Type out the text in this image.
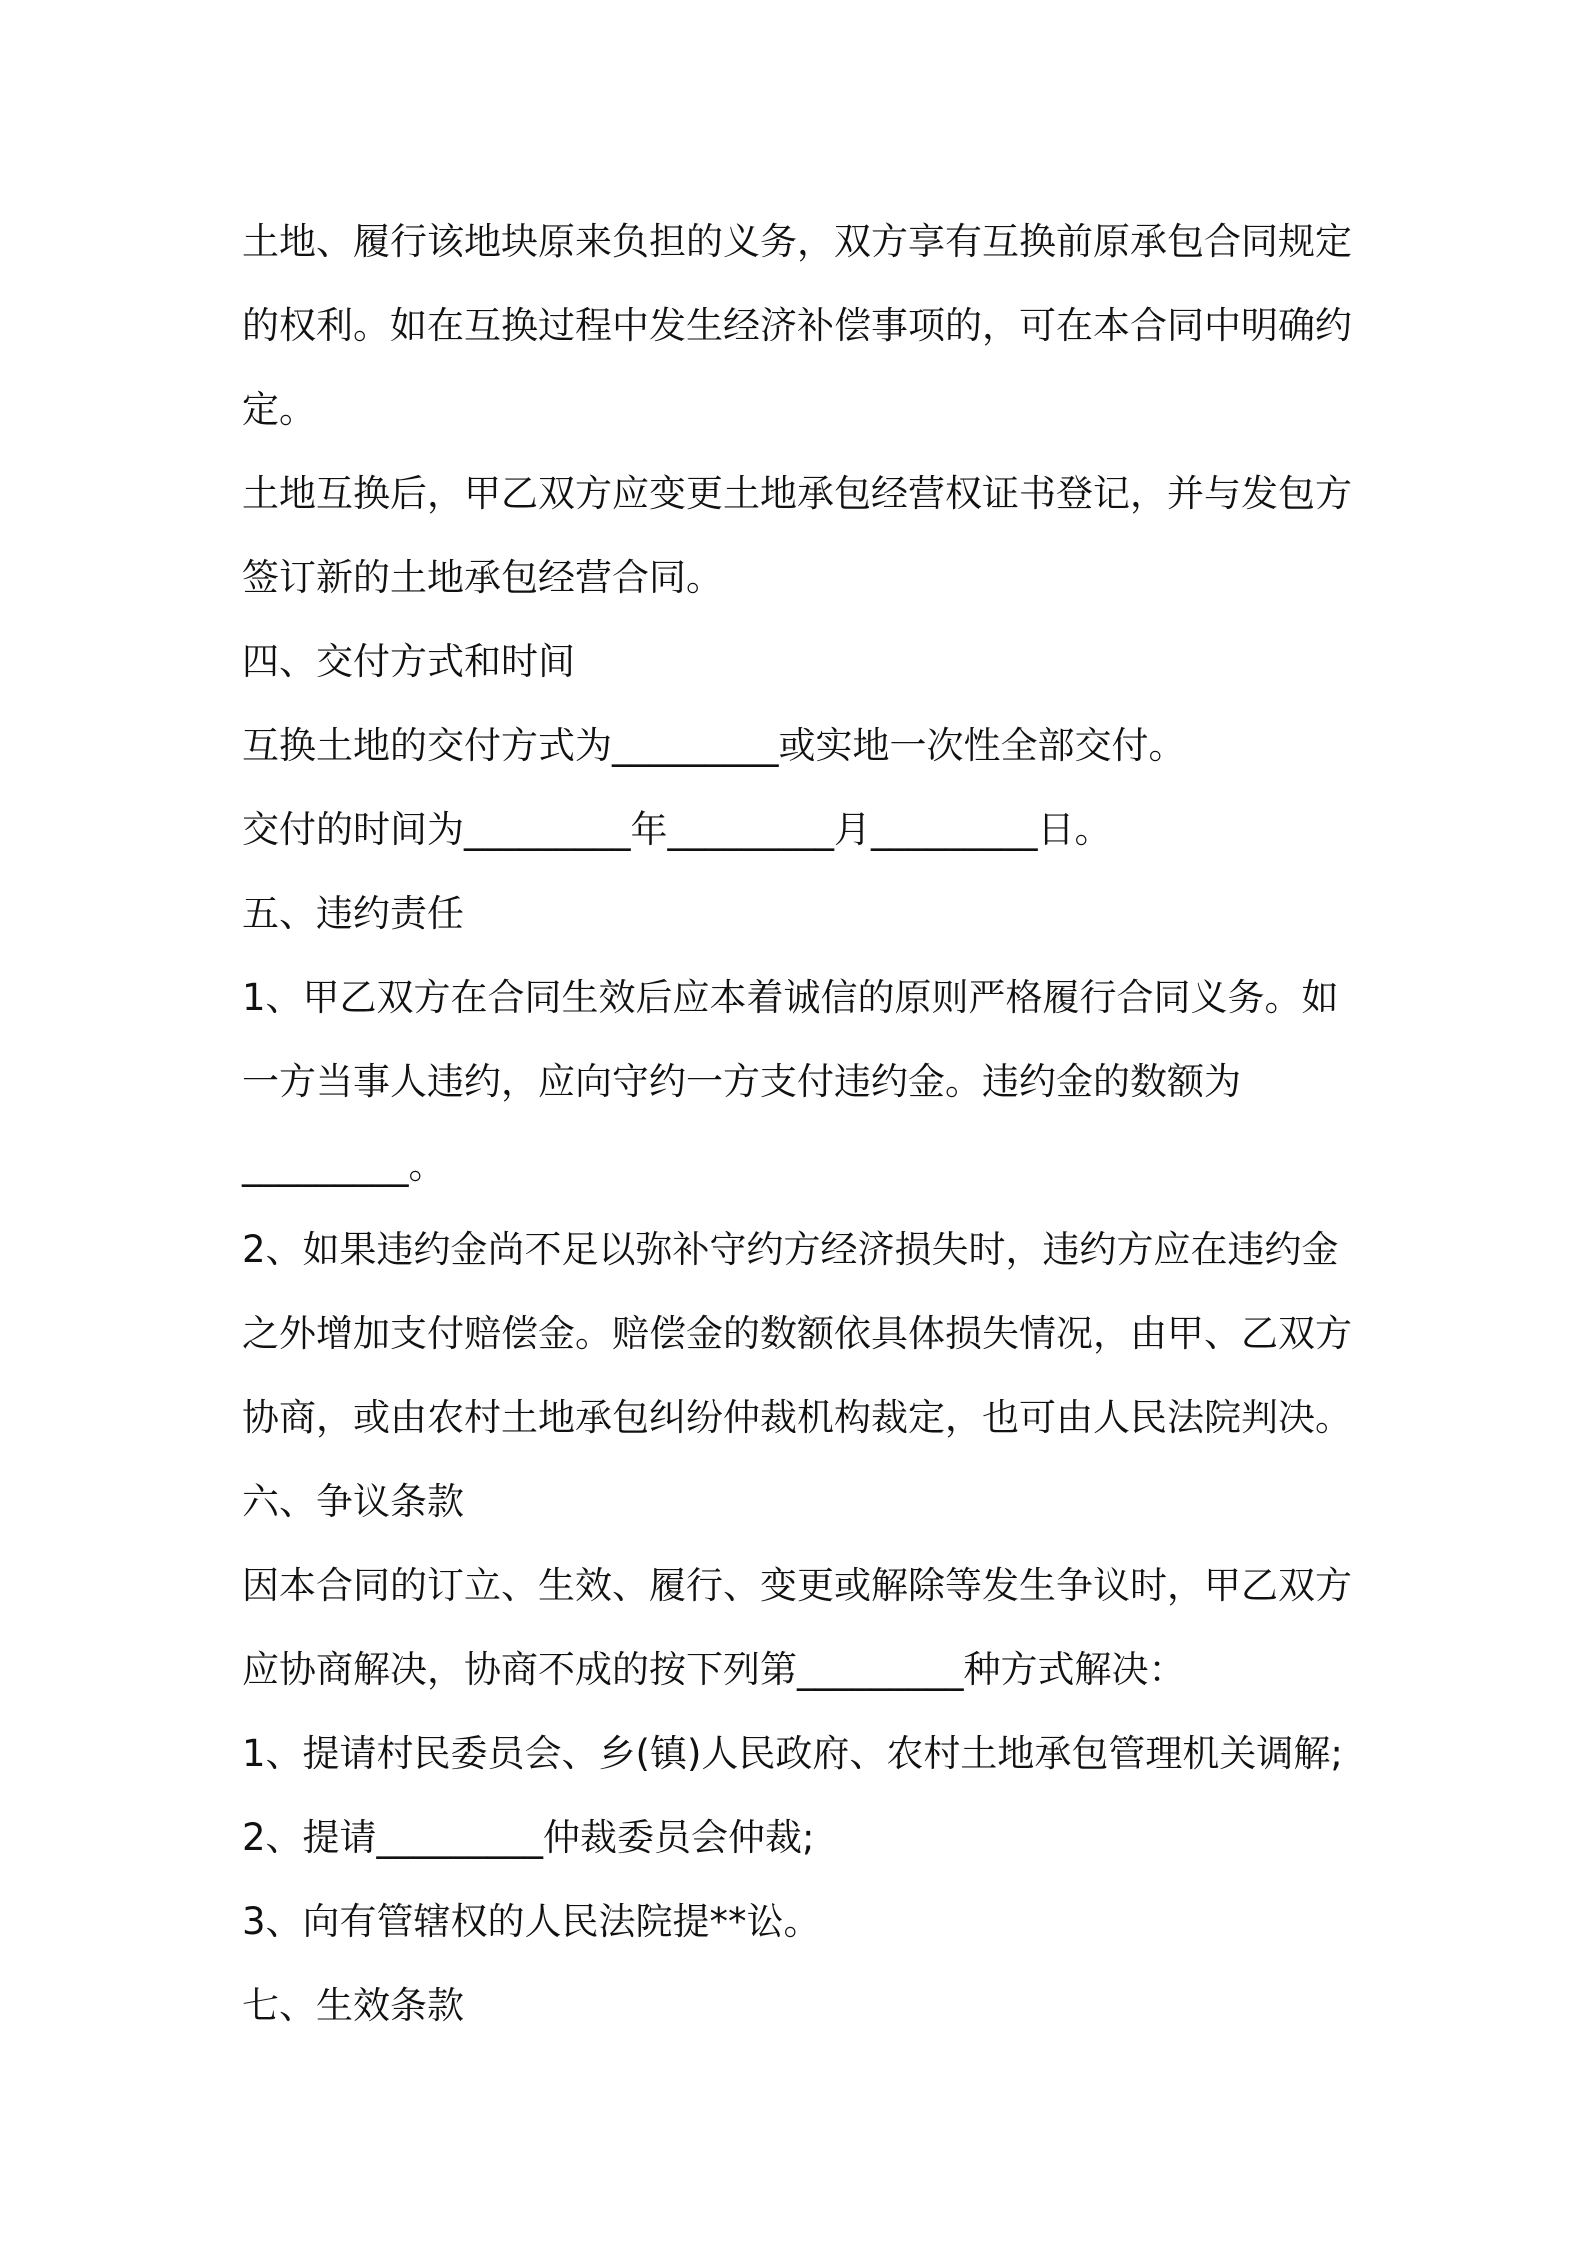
土地、履行该地块原来负担的义务，双方享有互换前原承包合同规定
的权利。如在互换过程中发生经济补偿事项的，可在本合同中明确约
定。
土地互换后，甲乙双方应变更土地承包经营权证书登记，并与发包方
签订新的土地承包经营合同。
四、交付方式和时间
互换土地的交付方式为_________或实地一次性全部交付。
交付的时间为_________年_________月_________日。
五、违约责任
1、甲乙双方在合同生效后应本着诚信的原则严格履行合同义务。如
一方当事人违约，应向守约一方支付违约金。违约金的数额为
_________。
2、如果违约金尚不足以弥补守约方经济损失时，违约方应在违约金
之外增加支付赔偿金。赔偿金的数额依具体损失情况，由甲、乙双方
协商，或由农村土地承包纠纷仲裁机构裁定，也可由人民法院判决。
六、争议条款
因本合同的订立、生效、履行、变更或解除等发生争议时，甲乙双方
应协商解决，协商不成的按下列第_________种方式解决：
1、提请村民委员会、乡(镇)人民政府、农村土地承包管理机关调解;
2、提请_________仲裁委员会仲裁;
3、向有管辖权的人民法院提**讼。
七、生效条款
